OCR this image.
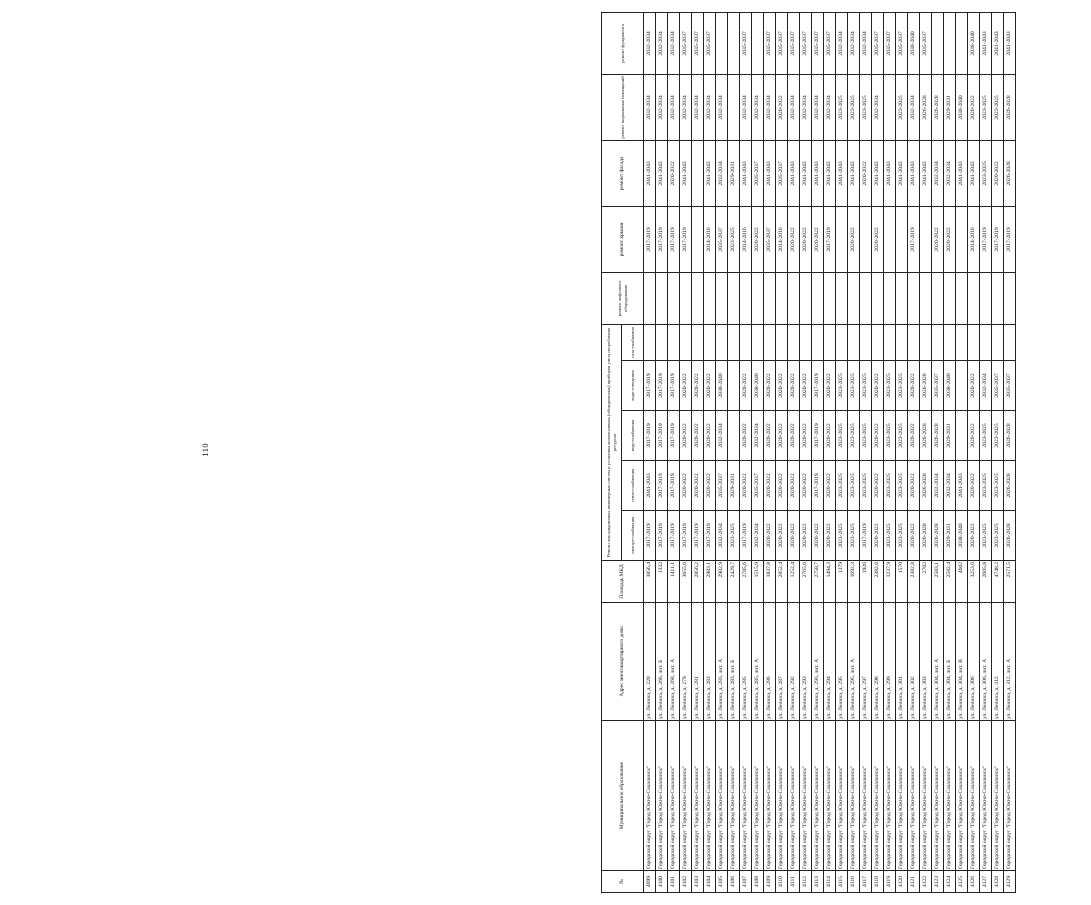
110
№	Муниципальное образование	Адрес многоквартирного дома	Площадь МКД	Ремонт внутридомовых инженерных систем и установка коллективных (общедомовых) приборов учета потребления ресурсов					ремонт лифтового оборудования	ремонт крыши	ремонт фасада	ремонт подвальных помещений	ремонт фундамента
				электро-снабжения	тепло-снабжения	водо-снабжения	водо-отведения	газо-снабжения					
4099	Городской округ "Город Южно-Сахалинск"	ул. Ленина, д. 220	3856,4	2017-2019	2041-2043	2017-2019	2017-2019			2017-2019	2041-2043	2032-2034	2032-2034
4100	Городской округ "Город Южно-Сахалинск"	ул. Ленина, д. 266, лит. Б	1332	2017-2019	2017-2019	2017-2019	2017-2019			2017-2019	2041-2043	2032-2034	2032-2034
4101	Городской округ "Город Южно-Сахалинск"	ул. Ленина, д. 268, лит. А	1411,1	2017-2019	2017-2019	2017-2019	2017-2019			2017-2019	2020-2022	2032-2034	2032-2034
4102	Городской округ "Город Южно-Сахалинск"	ул. Ленина, д. 279	3655,6	2017-2019	2020-2022	2020-2022	2020-2022			2017-2019	2041-2043	2032-2034	2035-2037
4103	Городской округ "Город Южно-Сахалинск"	ул. Ленина, д. 281	2856,2	2017-2019	2020-2022	2020-2022	2020-2022					2032-2034	2035-2037
4104	Городской округ "Город Южно-Сахалинск"	ул. Ленина, д. 283	2983,1	2017-2019	2020-2022	2020-2022	2020-2022			2014-2016	2041-2043	2032-2034	2035-2037
4105	Городской округ "Город Южно-Сахалинск"	ул. Ленина, д. 283, лит. А	2902,9	2032-2034	2035-2037	2032-2034	2038-2040			2035-2037	2032-2034	2032-2034	
4106	Городской округ "Город Южно-Сахалинск"	ул. Ленина, д. 283, лит. Б	2429,7	2023-2025	2029-2031					2023-2025	2029-2031		
4107	Городской округ "Город Южно-Сахалинск"	ул. Ленина, д. 285	2785,6	2017-2019	2020-2022	2020-2022	2020-2022			2014-2016	2041-2043	2032-2034	2035-2037
4108	Городской округ "Город Южно-Сахалинск"	ул. Ленина, д. 285, лит. А	1515,9	2032-2034	2035-2037	2032-2034	2038-2040			2020-2022	2035-2037	2032-2034	
4109	Городской округ "Город Южно-Сахалинск"	ул. Ленина, д. 286	1837,8	2020-2022	2020-2022	2020-2022	2020-2022			2035-2037	2041-2043	2032-2034	2035-2037
4110	Городской округ "Город Южно-Сахалинск"	ул. Ленина, д. 287	2852,4	2020-2022	2020-2022	2020-2022	2020-2022			2014-2016	2035-2037	2020-2022	2035-2037
4111	Городской округ "Город Южно-Сахалинск"	ул. Ленина, д. 292	1252,4	2020-2022	2020-2022	2020-2022	2020-2022			2020-2022	2041-2043	2032-2034	2035-2037
4112	Городской округ "Город Южно-Сахалинск"	ул. Ленина, д. 293	2765,6	2020-2022	2020-2022	2020-2022	2020-2022			2020-2022	2041-2043	2032-2034	2035-2037
4113	Городской округ "Город Южно-Сахалинск"	ул. Ленина, д. 293, лит. А	2758,7	2020-2022	2017-2019	2017-2019	2017-2019			2020-2022	2041-2043	2032-2034	2035-2037
4114	Городской округ "Город Южно-Сахалинск"	ул. Ленина, д. 294	1494,3	2020-2022	2020-2022	2020-2022	2020-2022			2017-2019	2041-2043	2032-2034	2035-2037
4115	Городской округ "Город Южно-Сахалинск"	ул. Ленина, д. 295	1379	2023-2025	2023-2025	2023-2025	2023-2025				2041-2043	2023-2025	2032-2034
4116	Городской округ "Город Южно-Сахалинск"	ул. Ленина, д. 295, лит. А	1692,3	2023-2025	2023-2025	2023-2025	2023-2025			2020-2022	2041-2043	2023-2025	2032-2034
4117	Городской округ "Город Южно-Сахалинск"	ул. Ленина, д. 297	1926	2017-2019	2023-2025	2023-2025	2023-2025				2020-2022	2023-2025	2032-2034
4118	Городской округ "Город Южно-Сахалинск"	ул. Ленина, д. 298	2382,6	2020-2022	2020-2022	2020-2022	2020-2022			2020-2022	2041-2043	2032-2034	2035-2037
4119	Городской округ "Город Южно-Сахалинск"	ул. Ленина, д. 299	1237,9	2023-2025	2023-2025	2023-2025	2023-2025				2041-2043		2035-2037
4120	Городской округ "Город Южно-Сахалинск"	ул. Ленина, д. 301	1570	2023-2025	2023-2025	2023-2025	2023-2025				2041-2043	2023-2025	2035-2037
4121	Городской округ "Город Южно-Сахалинск"	ул. Ленина, д. 302	2382,8	2020-2022	2020-2022	2020-2022	2020-2022			2017-2019	2041-2043	2032-2034	2038-2040
4122	Городской округ "Город Южно-Сахалинск"	ул. Ленина, д. 303	2702	2026-2028	2026-2028	2026-2028	2026-2028				2041-2043	2026-2028	2035-2037
4123	Городской округ "Город Южно-Сахалинск"	ул. Ленина, д. 304, лит. А	2583,1	2026-2028	2032-2034	2026-2028	2035-2037			2020-2022	2032-2034	2026-2028	
4124	Городской округ "Город Южно-Сахалинск"	ул. Ленина, д. 304, лит. Б	2582,4	2029-2031	2032-2034	2029-2031	2038-2040			2020-2022	2032-2034	2029-2031	
4125	Городской округ "Город Южно-Сахалинск"	ул. Ленина, д. 304, лит. В	4602	2038-2040	2041-2043						2041-2043	2038-2040	
4126	Городской округ "Город Южно-Сахалинск"	ул. Ленина, д. 306	3253,6	2020-2022	2020-2022	2020-2022	2020-2022			2014-2016	2041-2043	2020-2022	2038-2040
4127	Городской округ "Город Южно-Сахалинск"	ул. Ленина, д. 306, лит. А	2605,8	2023-2025	2023-2025	2023-2025	2032-2034			2017-2019	2023-2025	2023-2025	2041-2043
4128	Городской округ "Город Южно-Сахалинск"	ул. Ленина, д. 312	4748,2	2023-2025	2023-2025	2023-2025	2035-2037			2017-2019	2020-2022	2023-2025	2041-2043
4129	Городской округ "Город Южно-Сахалинск"	ул. Ленина, д. 312, лит. А	2571,5	2026-2028	2026-2028	2026-2028	2035-2037			2017-2019	2026-2028	2026-2028	2041-2043
